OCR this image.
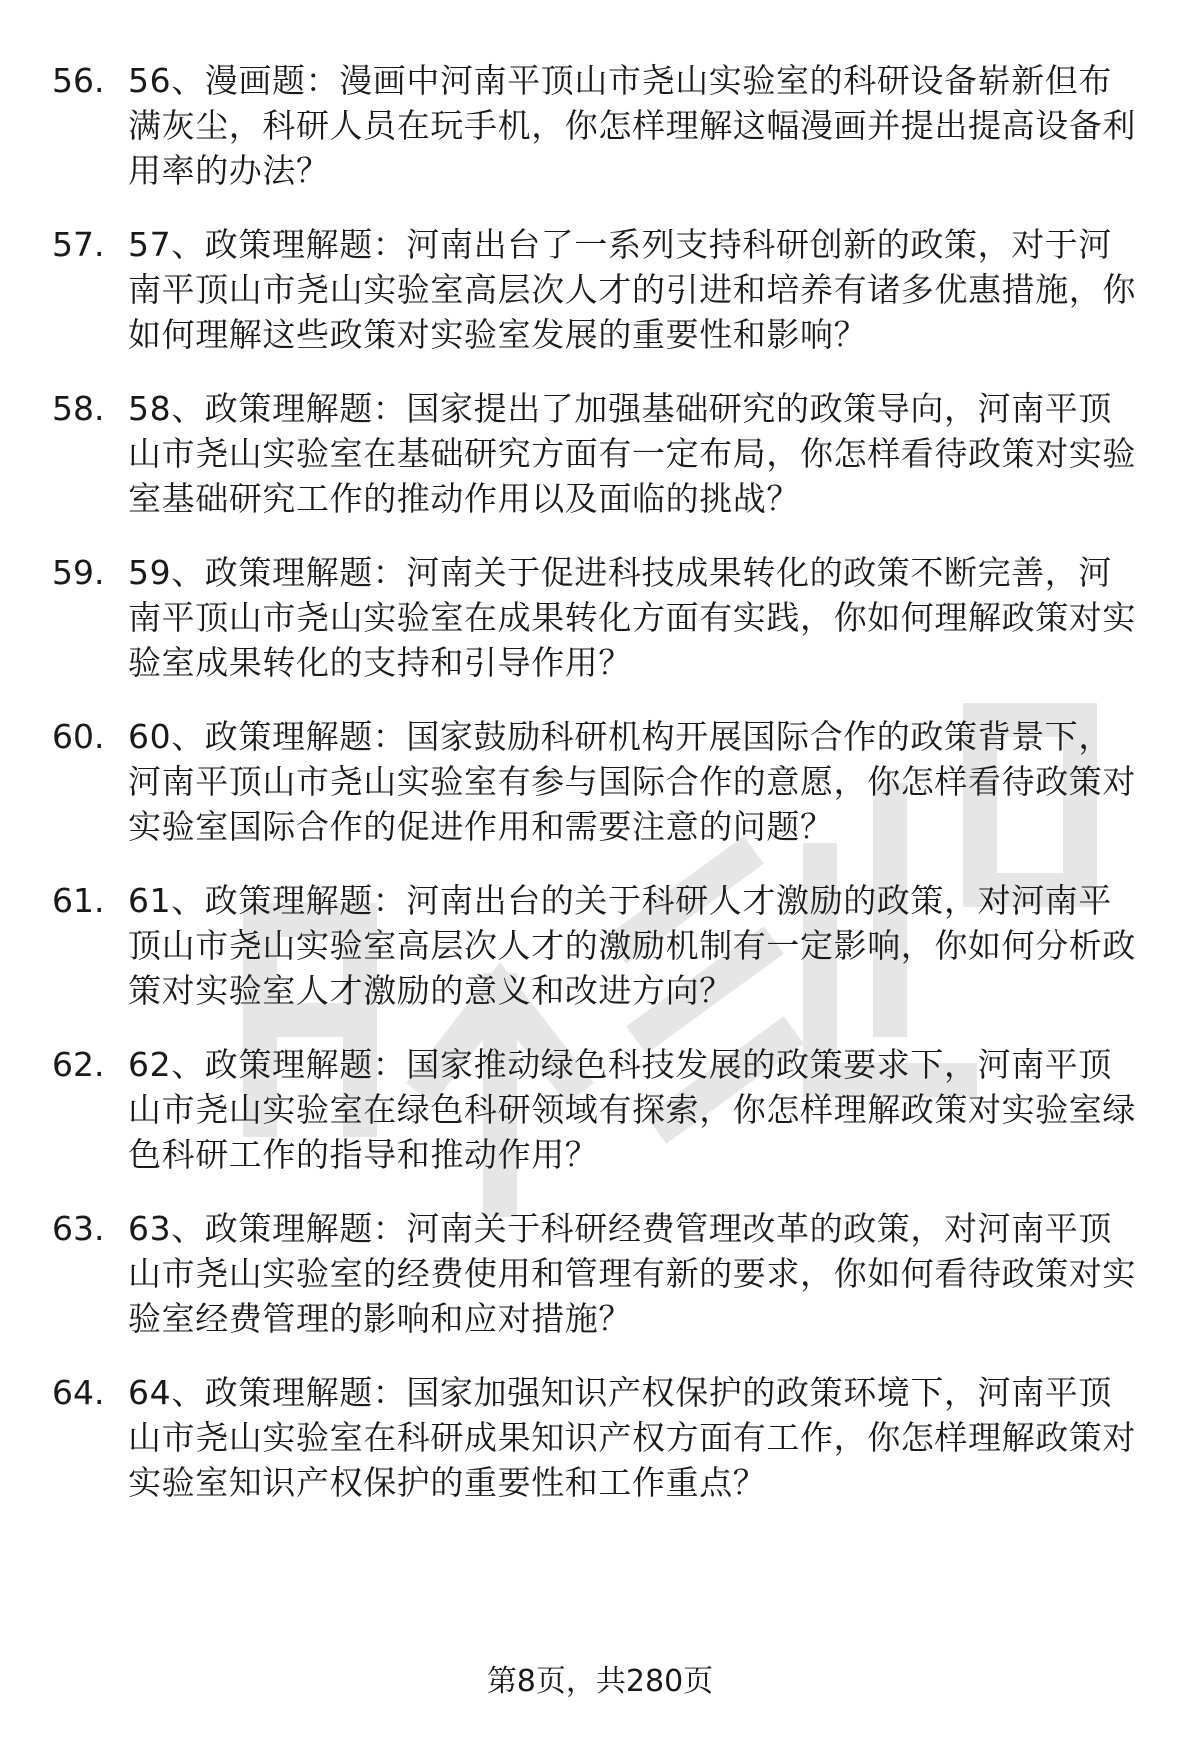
56. 56、漫画题：漫画中河南平顶山市尧山实验室的科研设备崭新但布满灰尘，科研人员在玩手机，你怎样理解这幅漫画并提出提高设备利用率的办法？
57. 57、政策理解题：河南出台了一系列支持科研创新的政策，对于河南平顶山市尧山实验室高层次人才的引进和培养有诸多优惠措施，你如何理解这些政策对实验室发展的重要性和影响？
58. 58、政策理解题：国家提出了加强基础研究的政策导向，河南平顶山市尧山实验室在基础研究方面有一定布局，你怎样看待政策对实验室基础研究工作的推动作用以及面临的挑战？
59. 59、政策理解题：河南关于促进科技成果转化的政策不断完善，河南平顶山市尧山实验室在成果转化方面有实践，你如何理解政策对实验室成果转化的支持和引导作用？
60. 60、政策理解题：国家鼓励科研机构开展国际合作的政策背景下，河南平顶山市尧山实验室有参与国际合作的意愿，你怎样看待政策对实验室国际合作的促进作用和需要注意的问题？
61. 61、政策理解题：河南出台的关于科研人才激励的政策，对河南平顶山市尧山实验室高层次人才的激励机制有一定影响，你如何分析政策对实验室人才激励的意义和改进方向？
62. 62、政策理解题：国家推动绿色科技发展的政策要求下，河南平顶山市尧山实验室在绿色科研领域有探索，你怎样理解政策对实验室绿色科研工作的指导和推动作用？
63. 63、政策理解题：河南关于科研经费管理改革的政策，对河南平顶山市尧山实验室的经费使用和管理有新的要求，你如何看待政策对实验室经费管理的影响和应对措施？
64. 64、政策理解题：国家加强知识产权保护的政策环境下，河南平顶山市尧山实验室在科研成果知识产权方面有工作，你怎样理解政策对实验室知识产权保护的重要性和工作重点？
第8页，共280页
